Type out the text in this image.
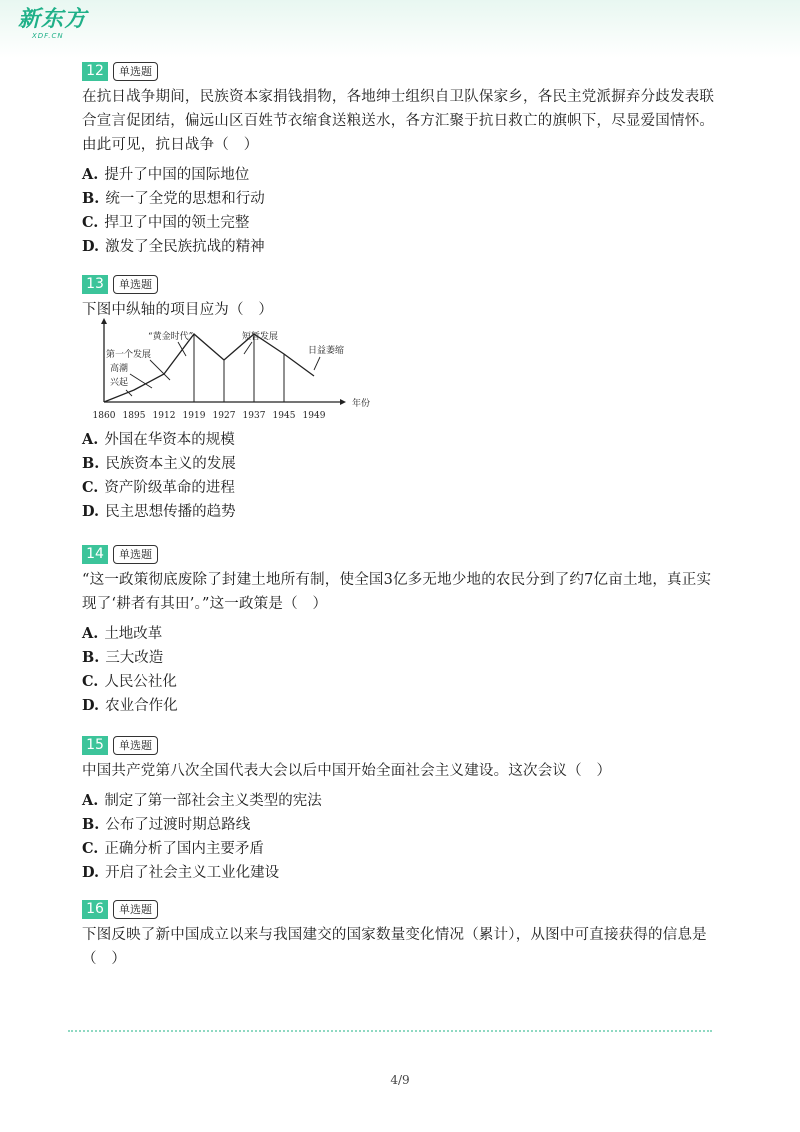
新东方
XDF.CN
12	单选题
在抗日战争期间，民族资本家捐钱捐物，各地绅士组织自卫队保家乡，各民主党派摒弃分歧发表联
合宣言促团结，偏远山区百姓节衣缩食送粮送水，各方汇聚于抗日救亡的旗帜下，尽显爱国情怀。
由此可见，抗日战争（　）
A. 提升了中国的国际地位
B. 统一了全党的思想和行动
C. 捍卫了中国的领土完整
D. 激发了全民族抗战的精神
13	单选题
下图中纵轴的项目应为（　）
1860 1895 1912 1919 1927 1937 1945 1949
年份
兴起
高潮
第一个发展
“黄金时代”	短暂发展
日益萎缩
A. 外国在华资本的规模
B. 民族资本主义的发展
C. 资产阶级革命的进程
D. 民主思想传播的趋势
14	单选题
“这一政策彻底废除了封建土地所有制，使全国3亿多无地少地的农民分到了约7亿亩土地，真正实
现了‘耕者有其田’。”这一政策是（　）
A. 土地改革
B. 三大改造
C. 人民公社化
D. 农业合作化
15	单选题
中国共产党第八次全国代表大会以后中国开始全面社会主义建设。这次会议（　）
A. 制定了第一部社会主义类型的宪法
B. 公布了过渡时期总路线
C. 正确分析了国内主要矛盾
D. 开启了社会主义工业化建设
16	单选题
下图反映了新中国成立以来与我国建交的国家数量变化情况（累计），从图中可直接获得的信息是
（　）
4/9
